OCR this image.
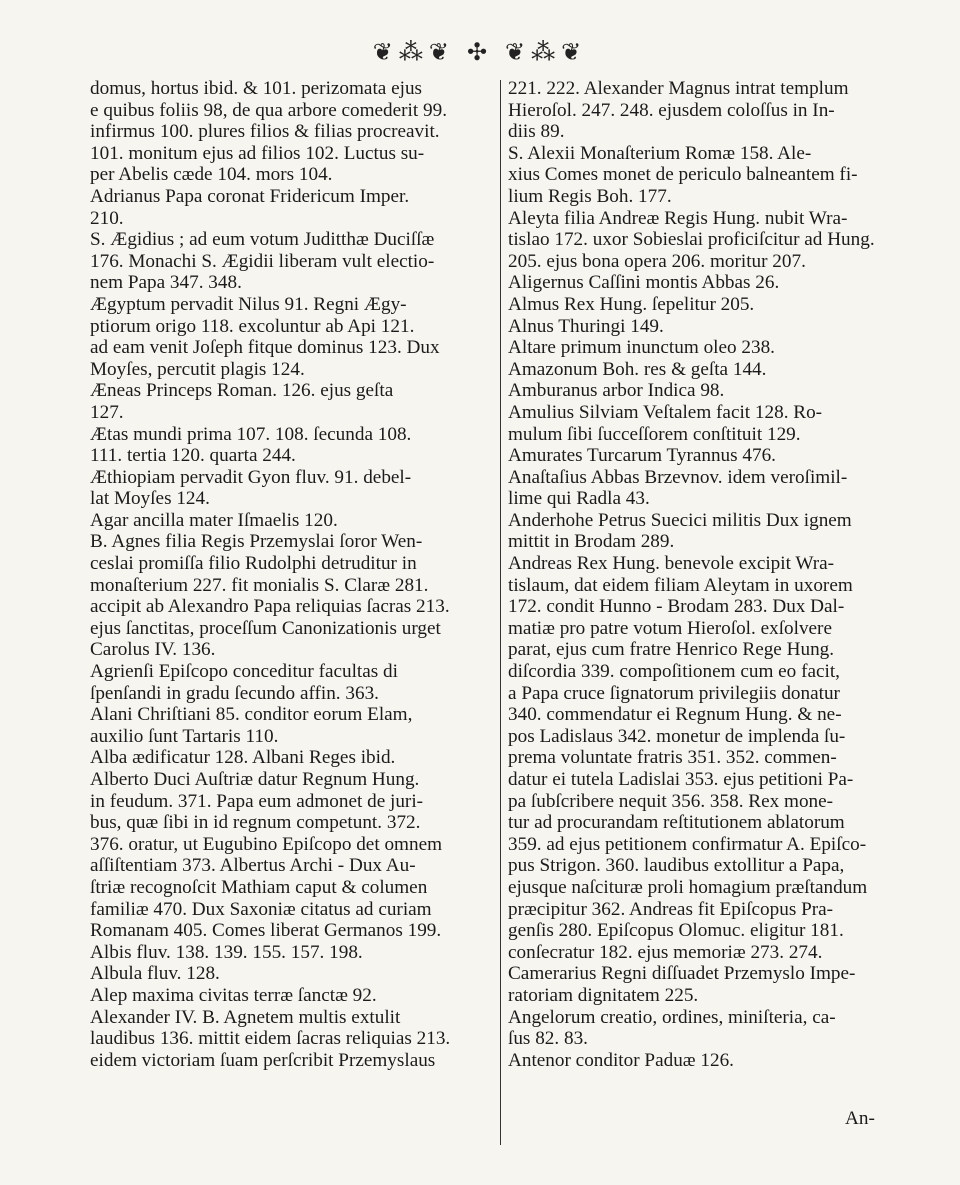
❦⁂❦ ✣ ❦⁂❦
domus, hortus ibid. & 101. perizomata ejus
e quibus foliis 98, de qua arbore comederit 99.
infirmus 100. plures filios & filias procreavit.
101. monitum ejus ad filios 102. Luctus su-
per Abelis cæde 104. mors 104.
Adrianus Papa coronat Fridericum Imper.
210.
S. Ægidius ; ad eum votum Juditthæ Duciſſæ
176. Monachi S. Ægidii liberam vult electio-
nem Papa 347. 348.
Ægyptum pervadit Nilus 91. Regni Ægy-
ptiorum origo 118. excoluntur ab Api 121.
ad eam venit Joſeph fitque dominus 123. Dux
Moyſes, percutit plagis 124.
Æneas Princeps Roman. 126. ejus geſta
127.
Ætas mundi prima 107. 108. ſecunda 108.
111. tertia 120. quarta 244.
Æthiopiam pervadit Gyon fluv. 91. debel-
lat Moyſes 124.
Agar ancilla mater Iſmaelis 120.
B. Agnes filia Regis Przemyslai ſoror Wen-
ceslai promiſſa filio Rudolphi detruditur in
monaſterium 227. fit monialis S. Claræ 281.
accipit ab Alexandro Papa reliquias ſacras 213.
ejus ſanctitas, proceſſum Canonizationis urget
Carolus IV. 136.
Agrienſi Epiſcopo conceditur facultas di
ſpenſandi in gradu ſecundo affin. 363.
Alani Chriſtiani 85. conditor eorum Elam,
auxilio ſunt Tartaris 110.
Alba ædificatur 128. Albani Reges ibid.
Alberto Duci Auſtriæ datur Regnum Hung.
in feudum. 371. Papa eum admonet de juri-
bus, quæ ſibi in id regnum competunt. 372.
376. oratur, ut Eugubino Epiſcopo det omnem
aſſiſtentiam 373. Albertus Archi - Dux Au-
ſtriæ recognoſcit Mathiam caput & columen
familiæ 470. Dux Saxoniæ citatus ad curiam
Romanam 405. Comes liberat Germanos 199.
Albis fluv. 138. 139. 155. 157. 198.
Albula fluv. 128.
Alep maxima civitas terræ ſanctæ 92.
Alexander IV. B. Agnetem multis extulit
laudibus 136. mittit eidem ſacras reliquias 213.
eidem victoriam ſuam perſcribit Przemyslaus
221. 222. Alexander Magnus intrat templum
Hieroſol. 247. 248. ejusdem coloſſus in In-
diis 89.
S. Alexii Monaſterium Romæ 158. Ale-
xius Comes monet de periculo balneantem fi-
lium Regis Boh. 177.
Aleyta filia Andreæ Regis Hung. nubit Wra-
tislao 172. uxor Sobieslai proficiſcitur ad Hung.
205. ejus bona opera 206. moritur 207.
Aligernus Caſſini montis Abbas 26.
Almus Rex Hung. ſepelitur 205.
Alnus Thuringi 149.
Altare primum inunctum oleo 238.
Amazonum Boh. res & geſta 144.
Amburanus arbor Indica 98.
Amulius Silviam Veſtalem facit 128. Ro-
mulum ſibi ſucceſſorem conſtituit 129.
Amurates Turcarum Tyrannus 476.
Anaſtaſius Abbas Brzevnov. idem veroſimil-
lime qui Radla 43.
Anderhohe Petrus Suecici militis Dux ignem
mittit in Brodam 289.
Andreas Rex Hung. benevole excipit Wra-
tislaum, dat eidem filiam Aleytam in uxorem
172. condit Hunno - Brodam 283. Dux Dal-
matiæ pro patre votum Hieroſol. exſolvere
parat, ejus cum fratre Henrico Rege Hung.
diſcordia 339. compoſitionem cum eo facit,
a Papa cruce ſignatorum privilegiis donatur
340. commendatur ei Regnum Hung. & ne-
pos Ladislaus 342. monetur de implenda ſu-
prema voluntate fratris 351. 352. commen-
datur ei tutela Ladislai 353. ejus petitioni Pa-
pa ſubſcribere nequit 356. 358. Rex mone-
tur ad procurandam reſtitutionem ablatorum
359. ad ejus petitionem confirmatur A. Epiſco-
pus Strigon. 360. laudibus extollitur a Papa,
ejusque naſcituræ proli homagium præſtandum
præcipitur 362. Andreas fit Epiſcopus Pra-
genſis 280. Epiſcopus Olomuc. eligitur 181.
conſecratur 182. ejus memoriæ 273. 274.
Camerarius Regni diſſuadet Przemyslo Impe-
ratoriam dignitatem 225.
Angelorum creatio, ordines, miniſteria, ca-
ſus 82. 83.
Antenor conditor Paduæ 126.
An-
